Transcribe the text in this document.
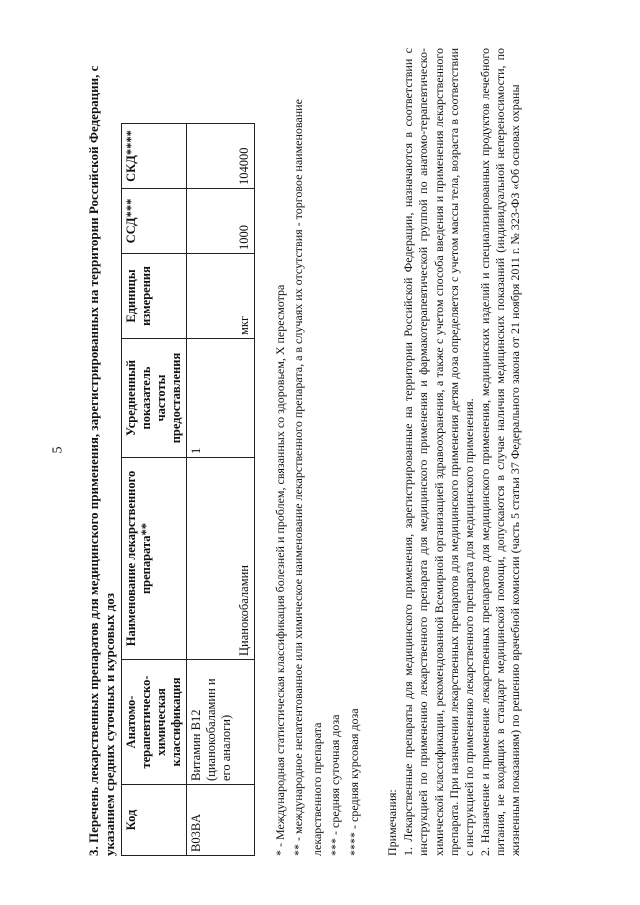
5 3. Перечень лекарственных препаратов для медицинского применения, зарегистрированных на территории Российской Федерации, с указанием средних суточных и курсовых доз Код	Анатомо-терапевтическо-химическая классификация	Наименование лекарственного препарата**	Усредненный показатель частоты предоставления	Единицы измерения	ССД***	СКД****
B03BA	Витамин B12 (цианокобаламин и его аналоги)	Цианокобаламин	1	мкг	1000	104000
* - Международная статистическая классификация болезней и проблем, связанных со здоровьем, X пересмотра ** - международное непатентованное или химическое наименование лекарственного препарата, а в случаях их отсутствия - торговое наименование лекарственного препарата *** - средняя суточная доза **** - средняя курсовая доза Примечания: 1. Лекарственные препараты для медицинского применения, зарегистрированные на территории Российской Федерации, назначаются в соответствии с инструкцией по применению лекарственного препарата для медицинского применения и фармакотерапевтической группой по анатомо-терапевтическо-химической классификации, рекомендованной Всемирной организацией здравоохранения, а также с учетом способа введения и применения лекарственного препарата. При назначении лекарственных препаратов для медицинского применения детям доза определяется с учетом массы тела, возраста в соответствии с инструкцией по применению лекарственного препарата для медицинского применения. 2. Назначение и применение лекарственных препаратов для медицинского применения, медицинских изделий и специализированных продуктов лечебного питания, не входящих в стандарт медицинской помощи, допускаются в случае наличия медицинских показаний (индивидуальной непереносимости, по жизненным показаниям) по решению врачебной комиссии (часть 5 статьи 37 Федерального закона от 21 ноября 2011 г. № 323-ФЗ «Об основах охраны
